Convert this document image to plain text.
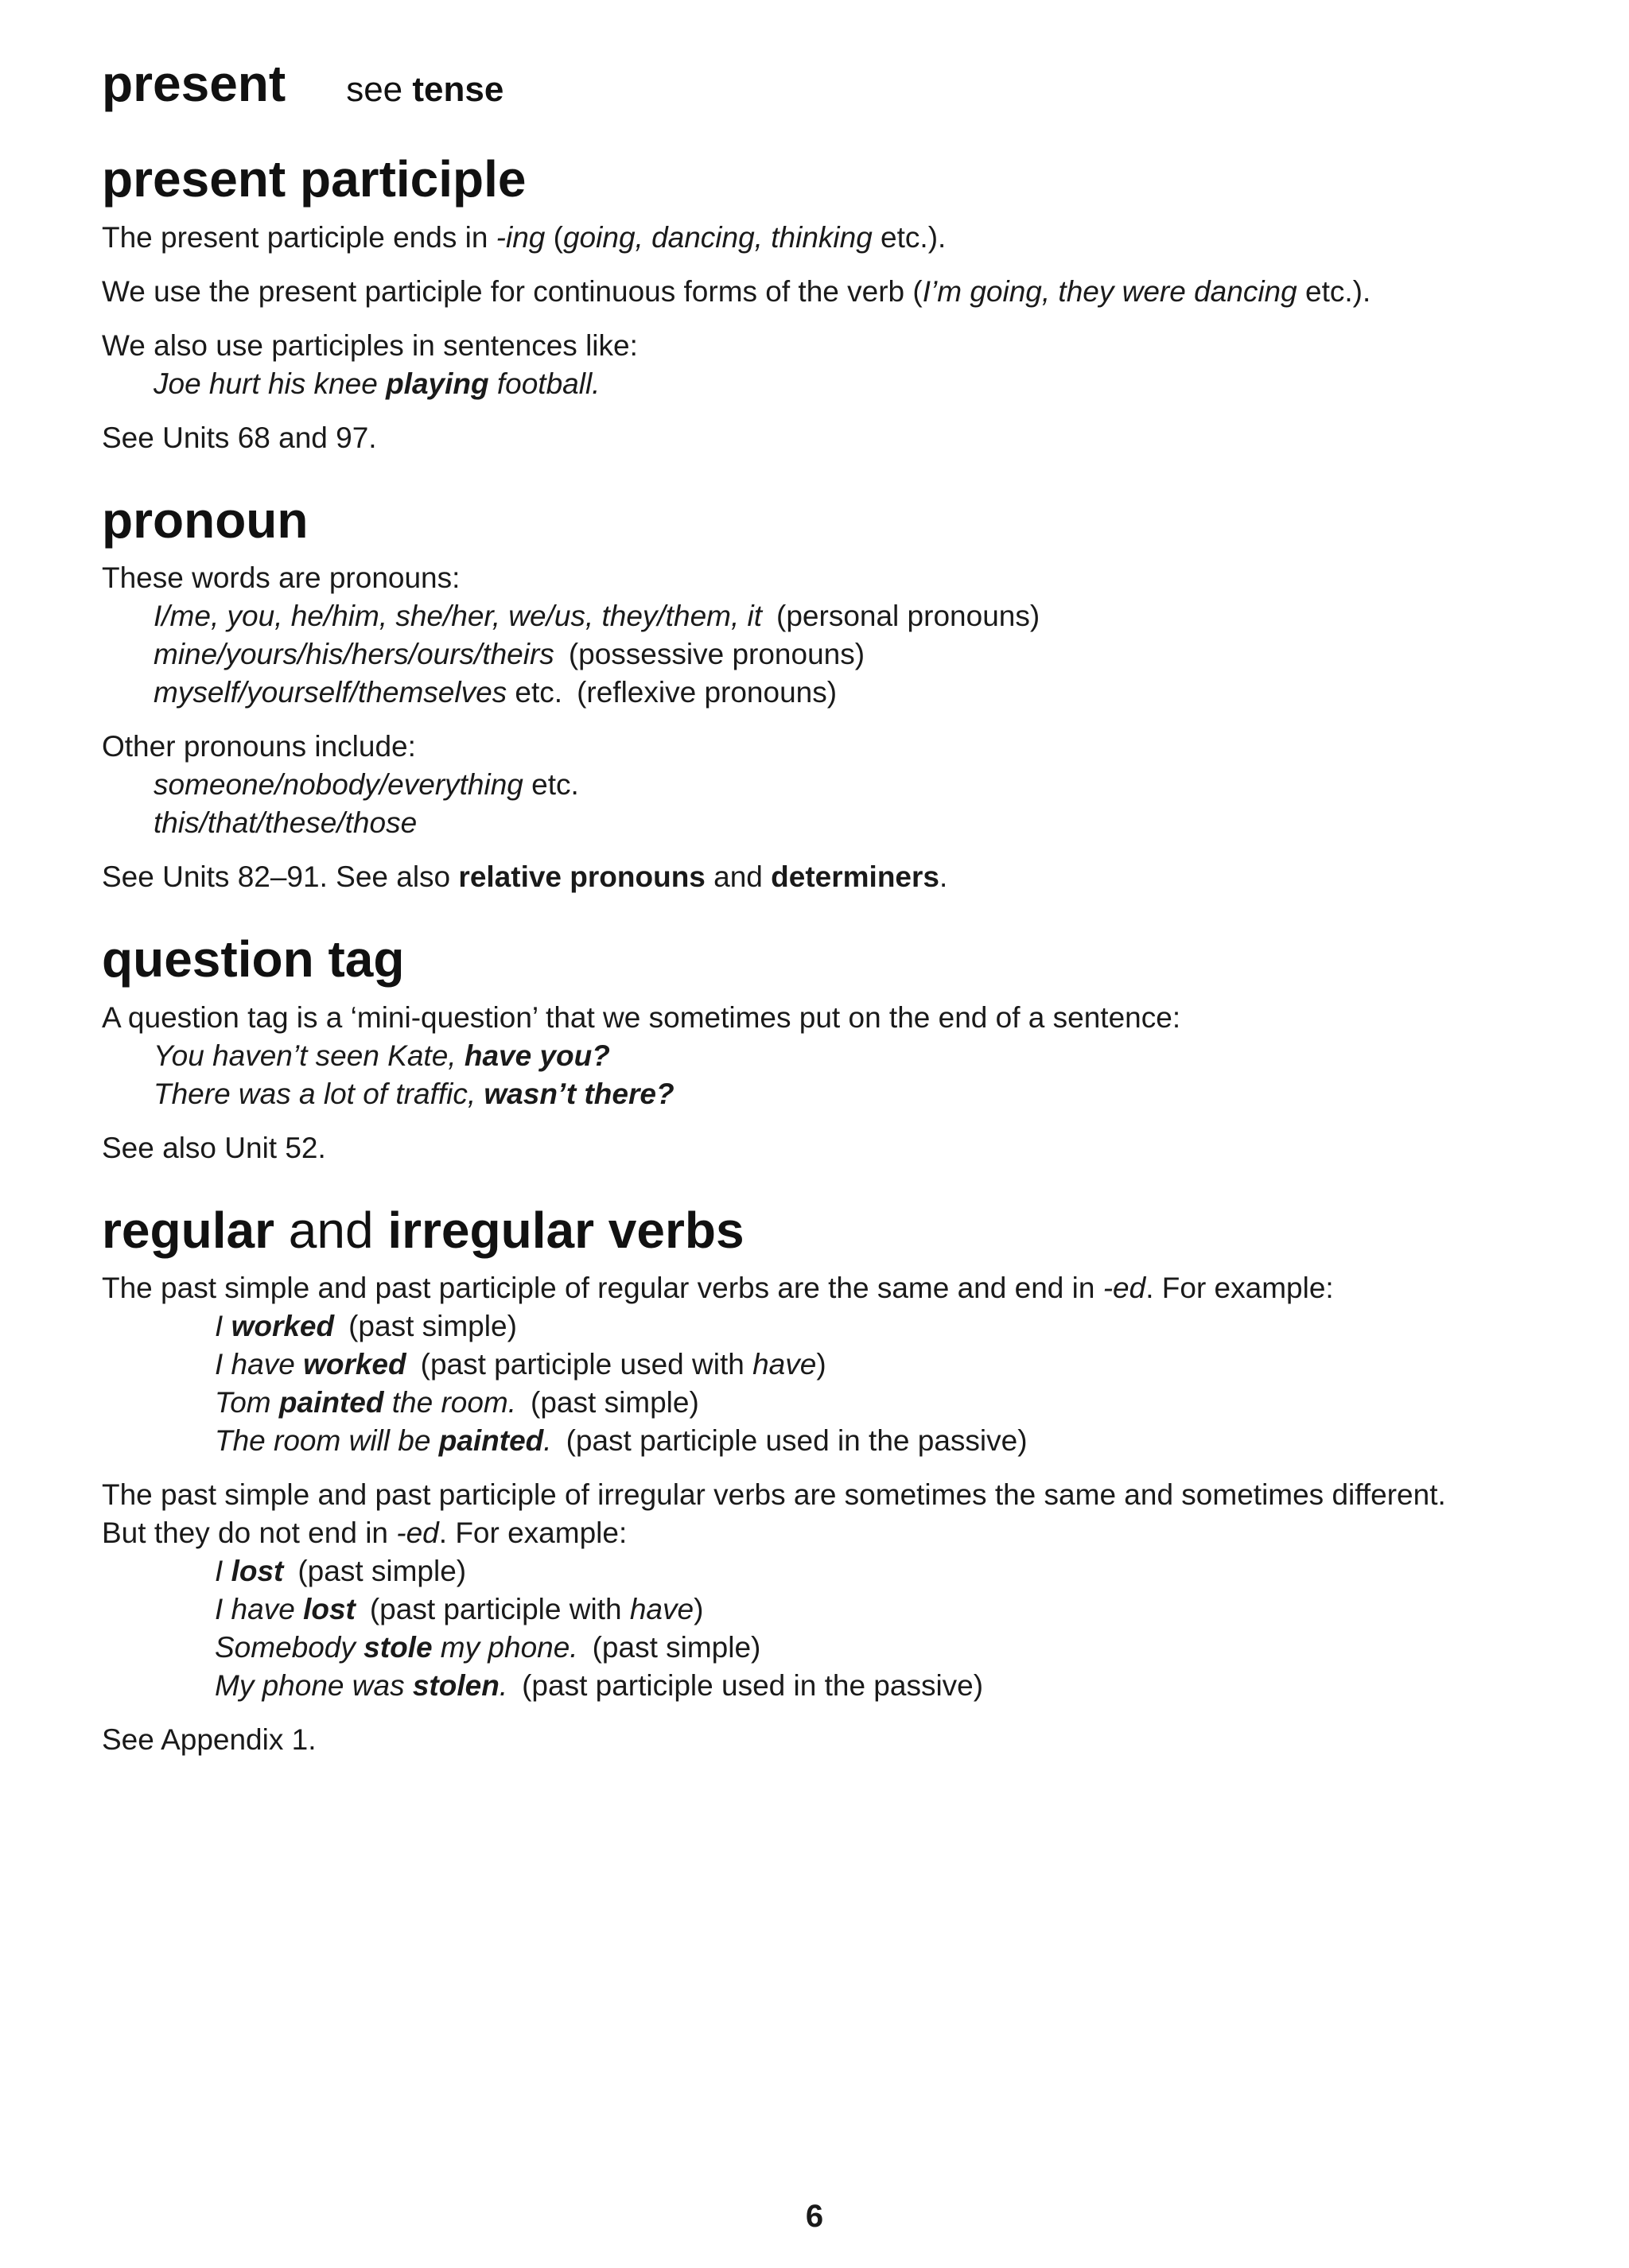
present see tense
present participle

The present participle ends in -ing (going, dancing, thinking etc.).

We use the present participle for continuous forms of the verb (I’m going, they were dancing etc.).

We also use participles in sentences like:

Joe hurt his knee playing football.

See Units 68 and 97.

pronoun

These words are pronouns:

I/me, you, he/him, she/her, we/us, they/them, it (personal pronouns)

mine/yours/his/hers/ours/theirs (possessive pronouns)

myself/yourself/themselves etc. (reflexive pronouns)

Other pronouns include:

someone/nobody/everything etc.

this/that/these/those

See Units 82–91. See also relative pronouns and determiners.

question tag

A question tag is a ‘mini-question’ that we sometimes put on the end of a sentence:

You haven’t seen Kate, have you?

There was a lot of traffic, wasn’t there?

See also Unit 52.

regular and irregular verbs

The past simple and past participle of regular verbs are the same and end in -ed. For example:

I worked (past simple)

I have worked (past participle used with have)

Tom painted the room. (past simple)

The room will be painted. (past participle used in the passive)

The past simple and past participle of irregular verbs are sometimes the same and sometimes different.
But they do not end in -ed. For example:

I lost (past simple)

I have lost (past participle with have)

Somebody stole my phone. (past simple)

My phone was stolen. (past participle used in the passive)

See Appendix 1.

6
